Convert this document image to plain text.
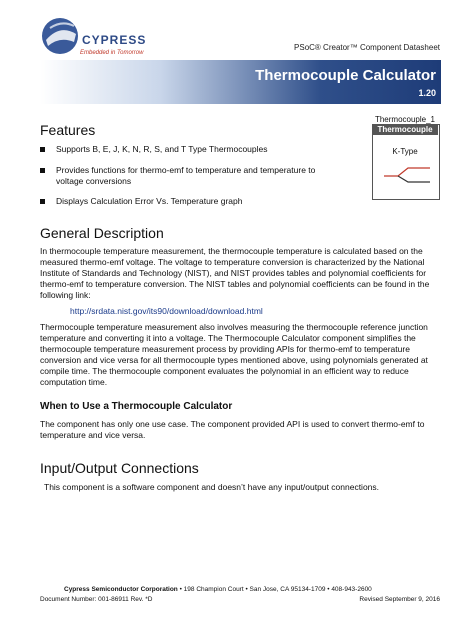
CYPRESS
Embedded in Tomorrow
PSoC® Creator™ Component Datasheet
Thermocouple Calculator
1.20
Thermocouple_1
Thermocouple
K-Type
Features
Supports B, E, J, K, N, R, S, and T Type Thermocouples
Provides functions for thermo-emf to temperature and temperature to voltage conversions
Displays Calculation Error Vs. Temperature graph
General Description
In thermocouple temperature measurement, the thermocouple temperature is calculated based on the measured thermo-emf voltage. The voltage to temperature conversion is characterized by the National Institute of Standards and Technology (NIST), and NIST provides tables and polynomial coefficients for thermo-emf to temperature conversion. The NIST tables and polynomial coefficients can be found in the following link:
http://srdata.nist.gov/its90/download/download.html
Thermocouple temperature measurement also involves measuring the thermocouple reference junction temperature and converting it into a voltage. The Thermocouple Calculator component simplifies the thermocouple temperature measurement process by providing APIs for thermo-emf to temperature conversion and vice versa for all thermocouple types mentioned above, using polynomials generated at compile time. The thermocouple component evaluates the polynomial in an efficient way to reduce computation time.
When to Use a Thermocouple Calculator
The component has only one use case. The component provided API is used to convert thermo-emf to temperature and vice versa.
Input/Output Connections
This component is a software component and doesn’t have any input/output connections.
Cypress Semiconductor Corporation • 198 Champion Court • San Jose, CA 95134-1709 • 408-943-2600
Document Number: 001-86911 Rev. *D	Revised September 9, 2016
